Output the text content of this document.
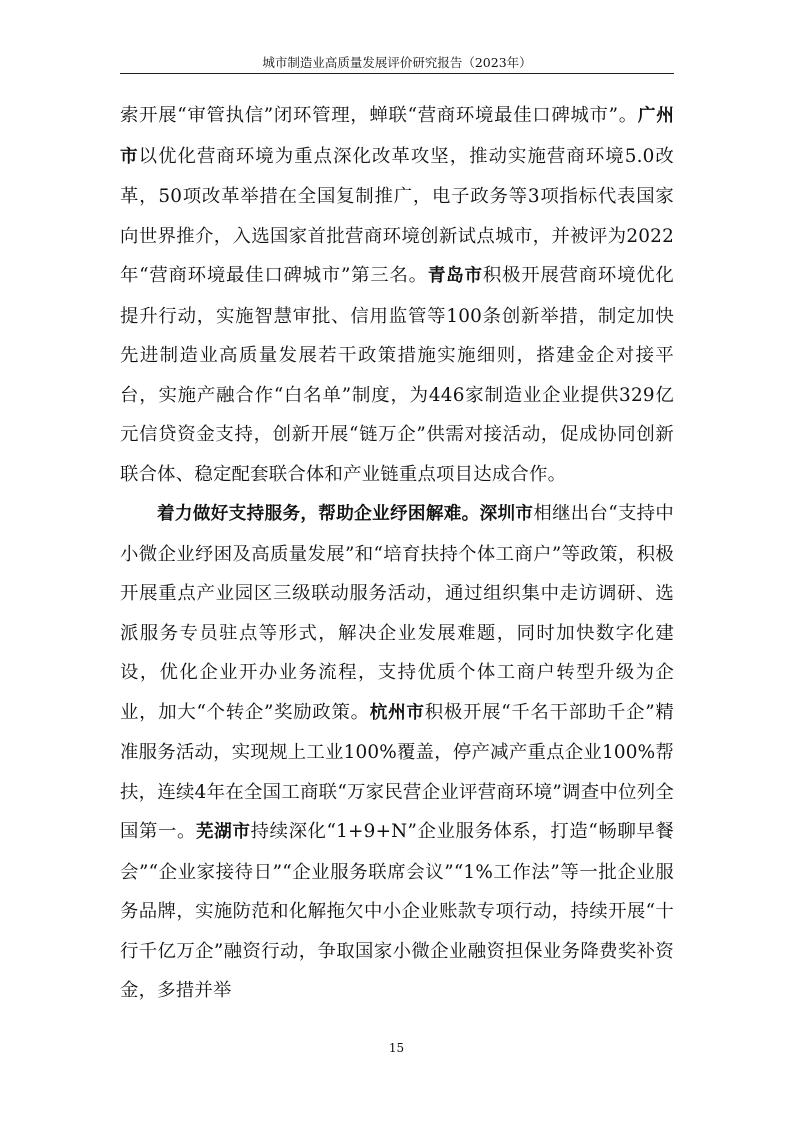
城市制造业高质量发展评价研究报告（2023年）

索开展“审管执信”闭环管理，蝉联“营商环境最佳口碑城市”。广州市以优化营商环境为重点深化改革攻坚，推动实施营商环境5.0改革，50项改革举措在全国复制推广，电子政务等3项指标代表国家向世界推介，入选国家首批营商环境创新试点城市，并被评为2022年“营商环境最佳口碑城市”第三名。青岛市积极开展营商环境优化提升行动，实施智慧审批、信用监管等100条创新举措，制定加快先进制造业高质量发展若干政策措施实施细则，搭建金企对接平台，实施产融合作“白名单”制度，为446家制造业企业提供329亿元信贷资金支持，创新开展“链万企”供需对接活动，促成协同创新联合体、稳定配套联合体和产业链重点项目达成合作。

着力做好支持服务，帮助企业纾困解难。深圳市相继出台“支持中小微企业纾困及高质量发展”和“培育扶持个体工商户”等政策，积极开展重点产业园区三级联动服务活动，通过组织集中走访调研、选派服务专员驻点等形式，解决企业发展难题，同时加快数字化建设，优化企业开办业务流程，支持优质个体工商户转型升级为企业，加大“个转企”奖励政策。杭州市积极开展“千名干部助千企”精准服务活动，实现规上工业100%覆盖，停产减产重点企业100%帮扶，连续4年在全国工商联“万家民营企业评营商环境”调查中位列全国第一。芜湖市持续深化“1+9+N”企业服务体系，打造“畅聊早餐会”“企业家接待日”“企业服务联席会议”“1%工作法”等一批企业服务品牌，实施防范和化解拖欠中小企业账款专项行动，持续开展“十行千亿万企”融资行动，争取国家小微企业融资担保业务降费奖补资金，多措并举

15
